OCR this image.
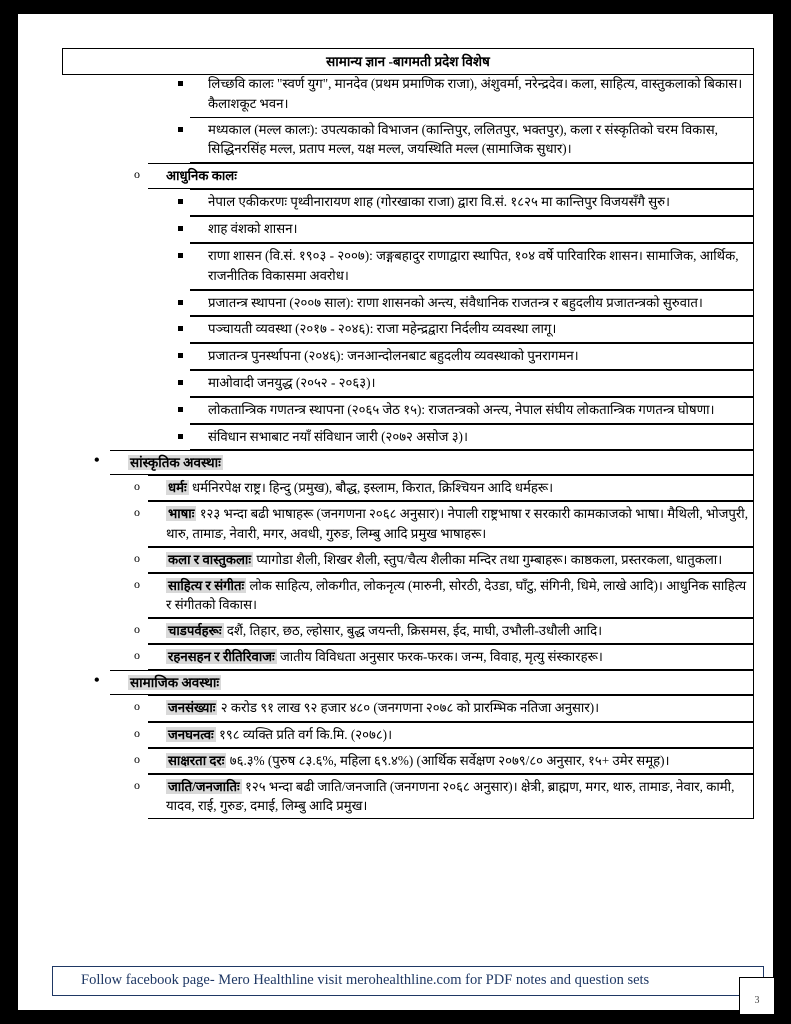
सामान्य ज्ञान -बागमती प्रदेश विशेष
लिच्छवि कालः "स्वर्ण युग", मानदेव (प्रथम प्रमाणिक राजा), अंशुवर्मा, नरेन्द्रदेव। कला, साहित्य, वास्तुकलाको बिकास। कैलाशकूट भवन।
मध्यकाल (मल्ल कालः): उपत्यकाको विभाजन (कान्तिपुर, ललितपुर, भक्तपुर), कला र संस्कृतिको चरम विकास, सिद्धिनरसिंह मल्ल, प्रताप मल्ल, यक्ष मल्ल, जयस्थिति मल्ल (सामाजिक सुधार)।
o आधुनिक कालः
नेपाल एकीकरणः पृथ्वीनारायण शाह (गोरखाका राजा) द्वारा वि.सं. १८२५ मा कान्तिपुर विजयसँगै सुरु।
शाह वंशको शासन।
राणा शासन (वि.सं. १९०३ - २००७): जङ्गबहादुर राणाद्वारा स्थापित, १०४ वर्षे पारिवारिक शासन। सामाजिक, आर्थिक, राजनीतिक विकासमा अवरोध।
प्रजातन्त्र स्थापना (२००७ साल): राणा शासनको अन्त्य, संवैधानिक राजतन्त्र र बहुदलीय प्रजातन्त्रको सुरुवात।
पञ्चायती व्यवस्था (२०१७ - २०४६): राजा महेन्द्रद्वारा निर्दलीय व्यवस्था लागू।
प्रजातन्त्र पुनर्स्थापना (२०४६): जनआन्दोलनबाट बहुदलीय व्यवस्थाको पुनरागमन।
माओवादी जनयुद्ध (२०५२ - २०६३)।
लोकतान्त्रिक गणतन्त्र स्थापना (२०६५ जेठ १५): राजतन्त्रको अन्त्य, नेपाल संघीय लोकतान्त्रिक गणतन्त्र घोषणा।
संविधान सभाबाट नयाँ संविधान जारी (२०७२ असोज ३)।
• सांस्कृतिक अवस्थाः
o धर्मः धर्मनिरपेक्ष राष्ट्र। हिन्दु (प्रमुख), बौद्ध, इस्लाम, किरात, क्रिश्चियन आदि धर्महरू।
o भाषाः १२३ भन्दा बढी भाषाहरू (जनगणना २०६८ अनुसार)। नेपाली राष्ट्रभाषा र सरकारी कामकाजको भाषा। मैथिली, भोजपुरी, थारु, तामाङ, नेवारी, मगर, अवधी, गुरुङ, लिम्बु आदि प्रमुख भाषाहरू।
o कला र वास्तुकलाः प्यागोडा शैली, शिखर शैली, स्तुप/चैत्य शैलीका मन्दिर तथा गुम्बाहरू। काष्ठकला, प्रस्तरकला, धातुकला।
o साहित्य र संगीतः लोक साहित्य, लोकगीत, लोकनृत्य (मारुनी, सोरठी, देउडा, घाँटु, संगिनी, धिमे, लाखे आदि)। आधुनिक साहित्य र संगीतको विकास।
o चाडपर्वहरूः दशैं, तिहार, छठ, ल्होसार, बुद्ध जयन्ती, क्रिसमस, ईद, माघी, उभौली-उधौली आदि।
o रहनसहन र रीतिरिवाजः जातीय विविधता अनुसार फरक-फरक। जन्म, विवाह, मृत्यु संस्कारहरू।
• सामाजिक अवस्थाः
o जनसंख्याः २ करोड ९१ लाख ९२ हजार ४८० (जनगणना २०७८ को प्रारम्भिक नतिजा अनुसार)।
o जनघनत्वः १९८ व्यक्ति प्रति वर्ग कि.मि. (२०७८)।
o साक्षरता दरः ७६.३% (पुरुष ८३.६%, महिला ६९.४%) (आर्थिक सर्वेक्षण २०७९/८० अनुसार, १५+ उमेर समूह)।
o जाति/जनजातिः १२५ भन्दा बढी जाति/जनजाति (जनगणना २०६८ अनुसार)। क्षेत्री, ब्राह्मण, मगर, थारु, तामाङ, नेवार, कामी, यादव, राई, गुरुङ, दमाई, लिम्बु आदि प्रमुख।
Follow facebook page- Mero Healthline visit merohealthline.com for PDF notes and question sets
3
